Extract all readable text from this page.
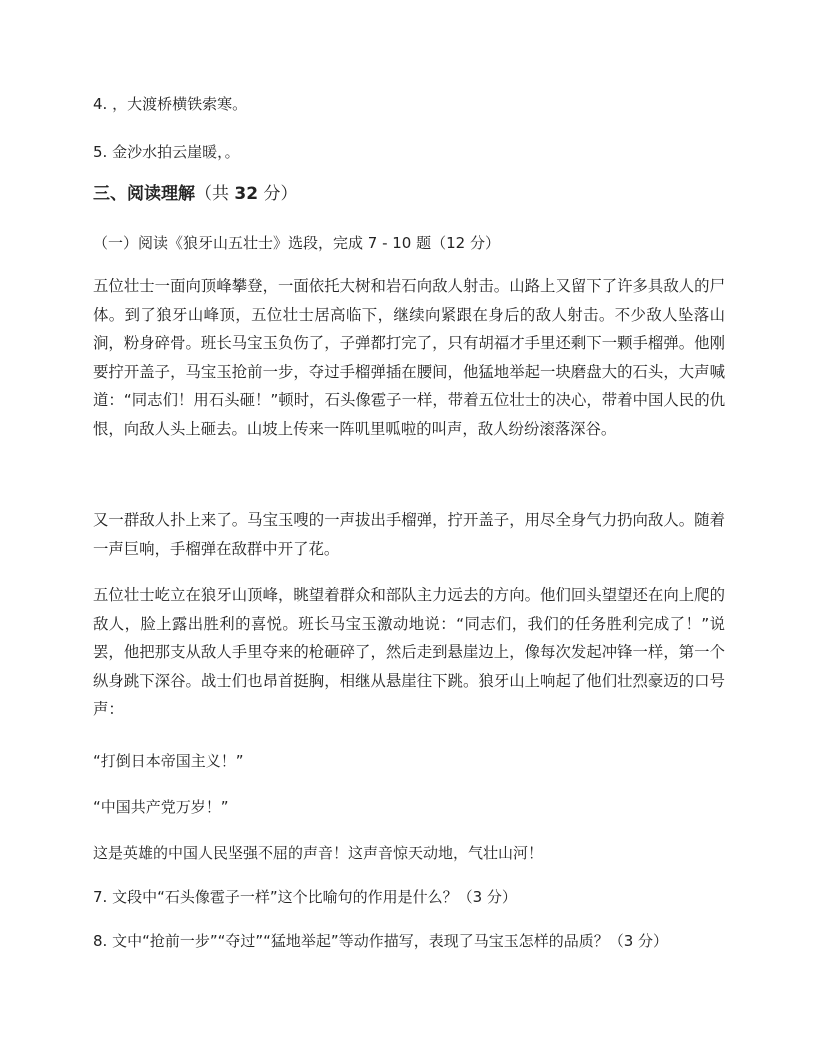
4. ，大渡桥横铁索寒。
5. 金沙水拍云崖暖，。
三、阅读理解（共 32 分）
（一）阅读《狼牙山五壮士》选段，完成 7 - 10 题（12 分）
五位壮士一面向顶峰攀登，一面依托大树和岩石向敌人射击。山路上又留下了许多具敌人的尸体。到了狼牙山峰顶，五位壮士居高临下，继续向紧跟在身后的敌人射击。不少敌人坠落山涧，粉身碎骨。班长马宝玉负伤了，子弹都打完了，只有胡福才手里还剩下一颗手榴弹。他刚要拧开盖子，马宝玉抢前一步，夺过手榴弹插在腰间，他猛地举起一块磨盘大的石头，大声喊道：“同志们！用石头砸！”顿时，石头像雹子一样，带着五位壮士的决心，带着中国人民的仇恨，向敌人头上砸去。山坡上传来一阵叽里呱啦的叫声，敌人纷纷滚落深谷。
又一群敌人扑上来了。马宝玉嗖的一声拔出手榴弹，拧开盖子，用尽全身气力扔向敌人。随着一声巨响，手榴弹在敌群中开了花。
五位壮士屹立在狼牙山顶峰，眺望着群众和部队主力远去的方向。他们回头望望还在向上爬的敌人，脸上露出胜利的喜悦。班长马宝玉激动地说：“同志们，我们的任务胜利完成了！”说罢，他把那支从敌人手里夺来的枪砸碎了，然后走到悬崖边上，像每次发起冲锋一样，第一个纵身跳下深谷。战士们也昂首挺胸，相继从悬崖往下跳。狼牙山上响起了他们壮烈豪迈的口号声：
“打倒日本帝国主义！”
“中国共产党万岁！”
这是英雄的中国人民坚强不屈的声音！这声音惊天动地，气壮山河！
7. 文段中“石头像雹子一样”这个比喻句的作用是什么？（3 分）
8. 文中“抢前一步”“夺过”“猛地举起”等动作描写，表现了马宝玉怎样的品质？（3 分）
